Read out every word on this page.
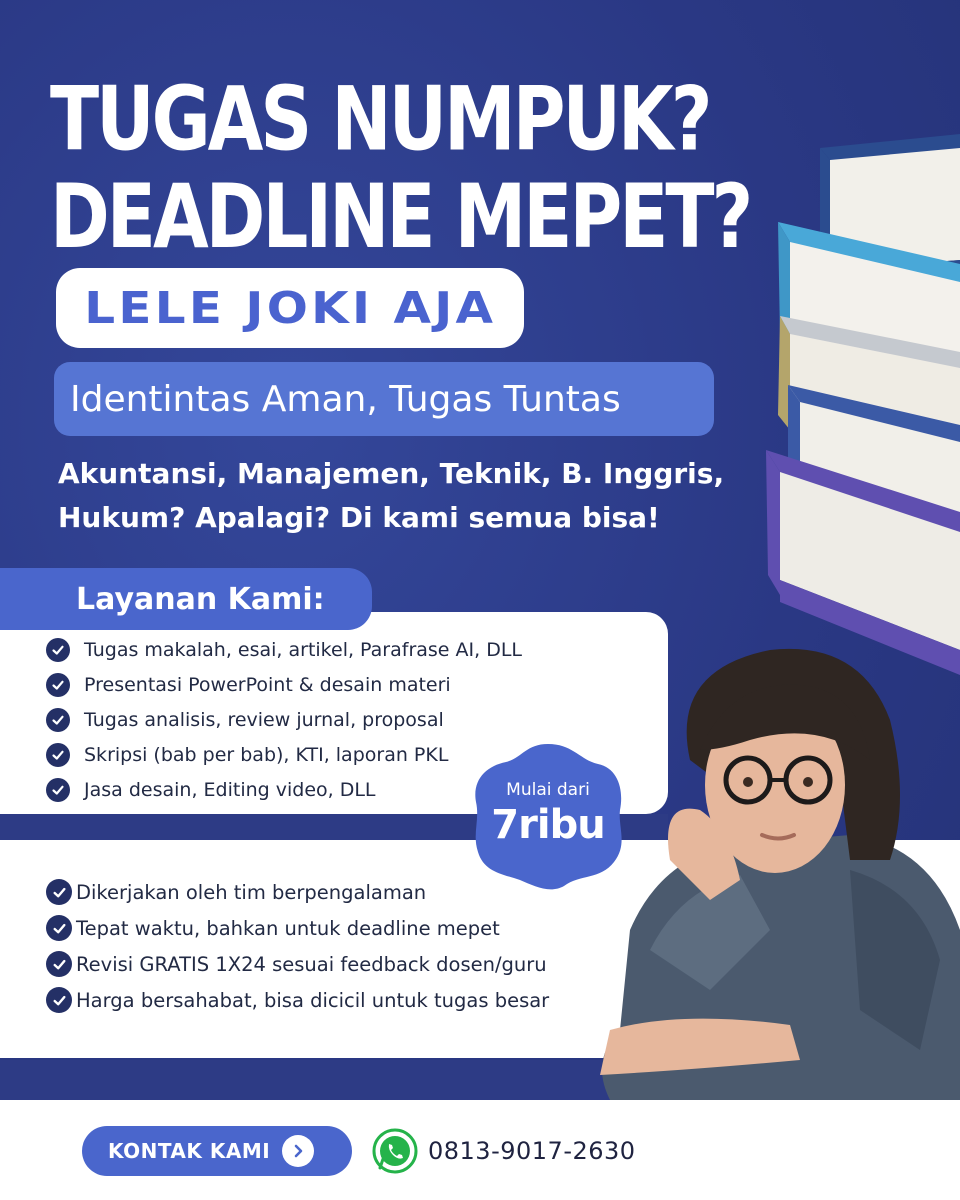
TUGAS NUMPUK?
DEADLINE MEPET?
LELE JOKI AJA
Identintas Aman, Tugas Tuntas
Akuntansi, Manajemen, Teknik, B. Inggris,
Hukum? Apalagi? Di kami semua bisa!
Layanan Kami:
Tugas makalah, esai, artikel, Parafrase AI, DLL
Presentasi PowerPoint & desain materi
Tugas analisis, review jurnal, proposal
Skripsi (bab per bab), KTI, laporan PKL
Jasa desain, Editing video, DLL
Dikerjakan oleh tim berpengalaman
Tepat waktu, bahkan untuk deadline mepet
Revisi GRATIS 1X24 sesuai feedback dosen/guru
Harga bersahabat, bisa dicicil untuk tugas besar
Mulai dari
7ribu
KONTAK KAMI	0813-9017-2630
